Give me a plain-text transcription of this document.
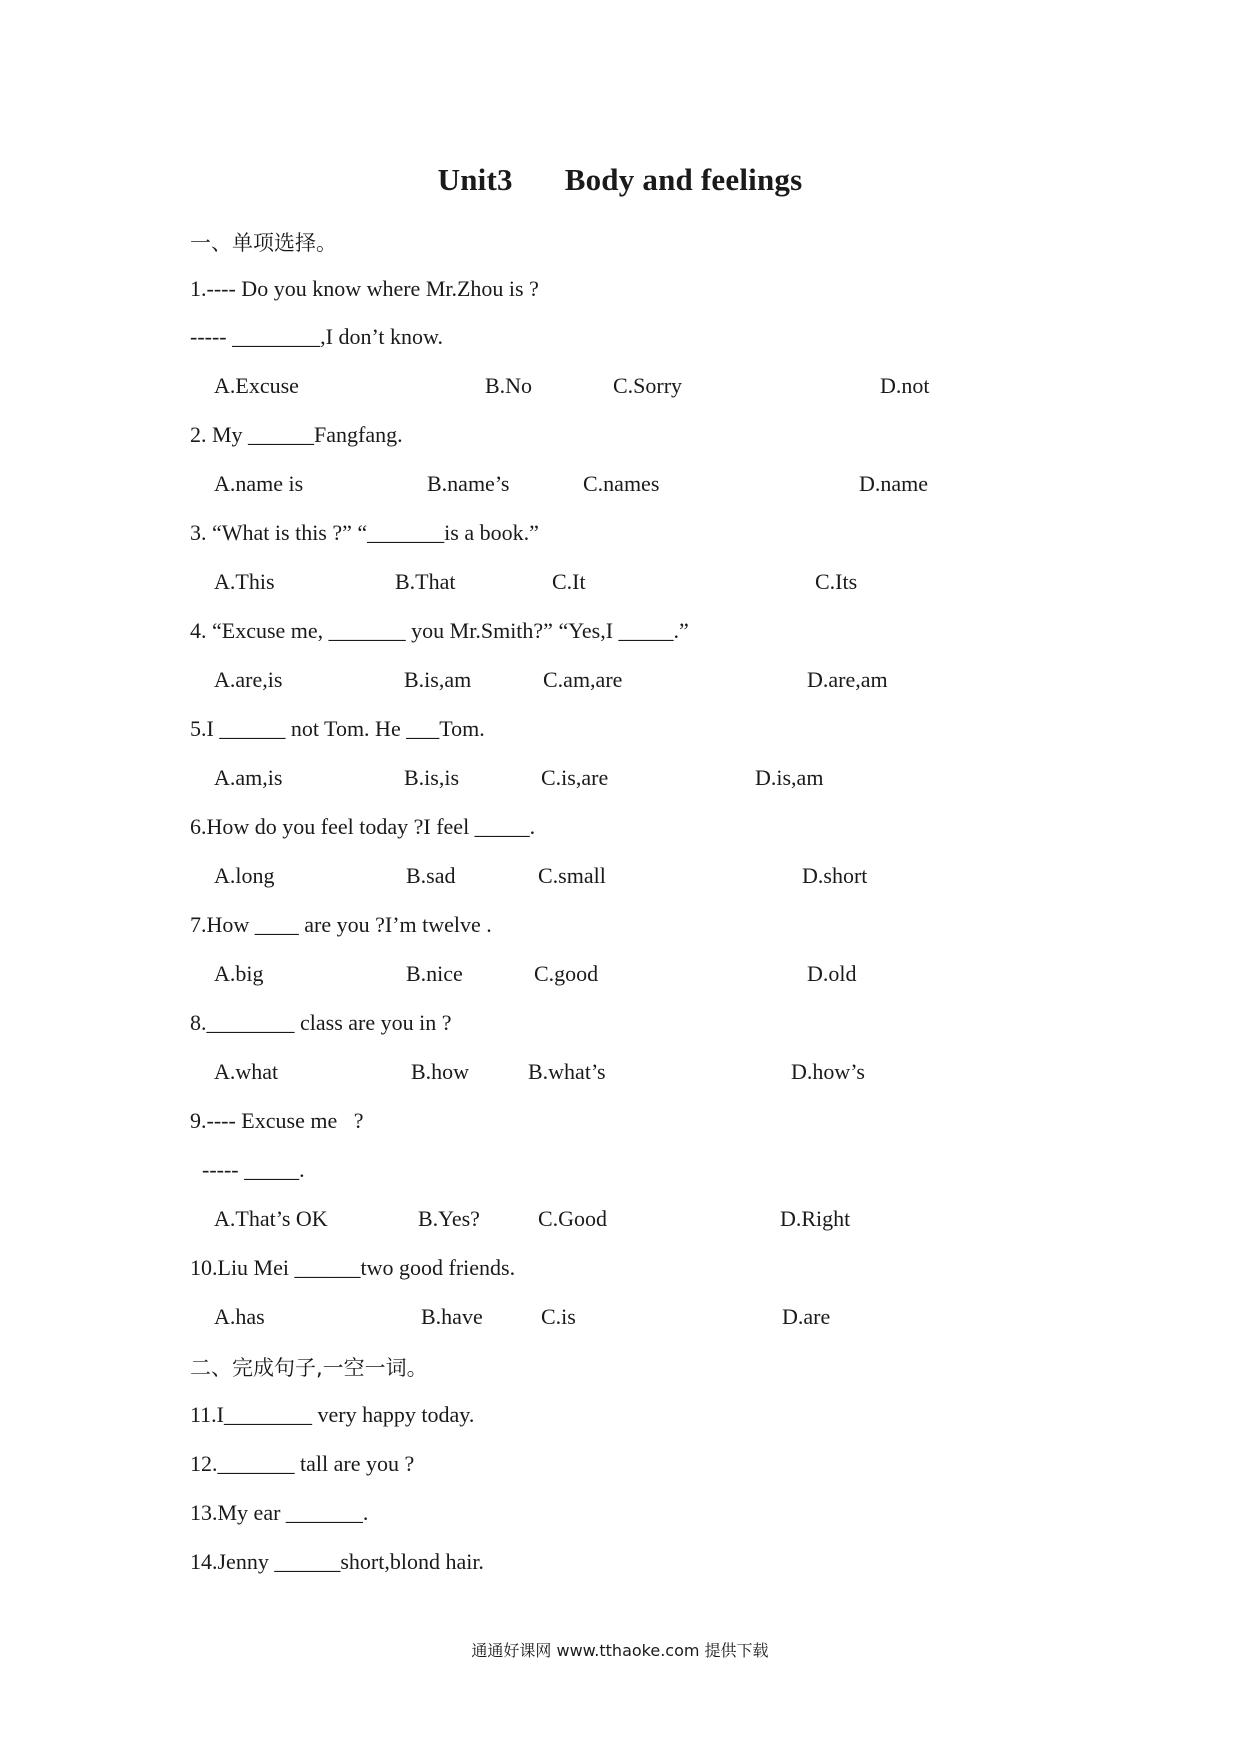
Unit3 Body and feelings
一、单项选择。
1.---- Do you know where Mr.Zhou is ?
----- ________,I don’t know.
A.Excuse	B.No	C.Sorry	D.not
2. My ______Fangfang.
A.name is	B.name’s	C.names	D.name
3. “What is this ?” “_______is a book.”
A.This	B.That	C.It	C.Its
4. “Excuse me, _______ you Mr.Smith?” “Yes,I _____.”
A.are,is	B.is,am	C.am,are	D.are,am
5.I ______ not Tom. He ___Tom.
A.am,is	B.is,is	C.is,are	D.is,am
6.How do you feel today ?I feel _____.
A.long	B.sad	C.small	D.short
7.How ____ are you ?I’m twelve .
A.big	B.nice	C.good	D.old
8.________ class are you in ?
A.what	B.how	B.what’s	D.how’s
9.---- Excuse me   ?
----- _____.
A.That’s OK	B.Yes?	C.Good	D.Right
10.Liu Mei ______two good friends.
A.has	B.have	C.is	D.are
二、完成句子,一空一词。
11.I________ very happy today.
12._______ tall are you ?
13.My ear _______.
14.Jenny ______short,blond hair.
通通好课网 www.tthaoke.com 提供下载
